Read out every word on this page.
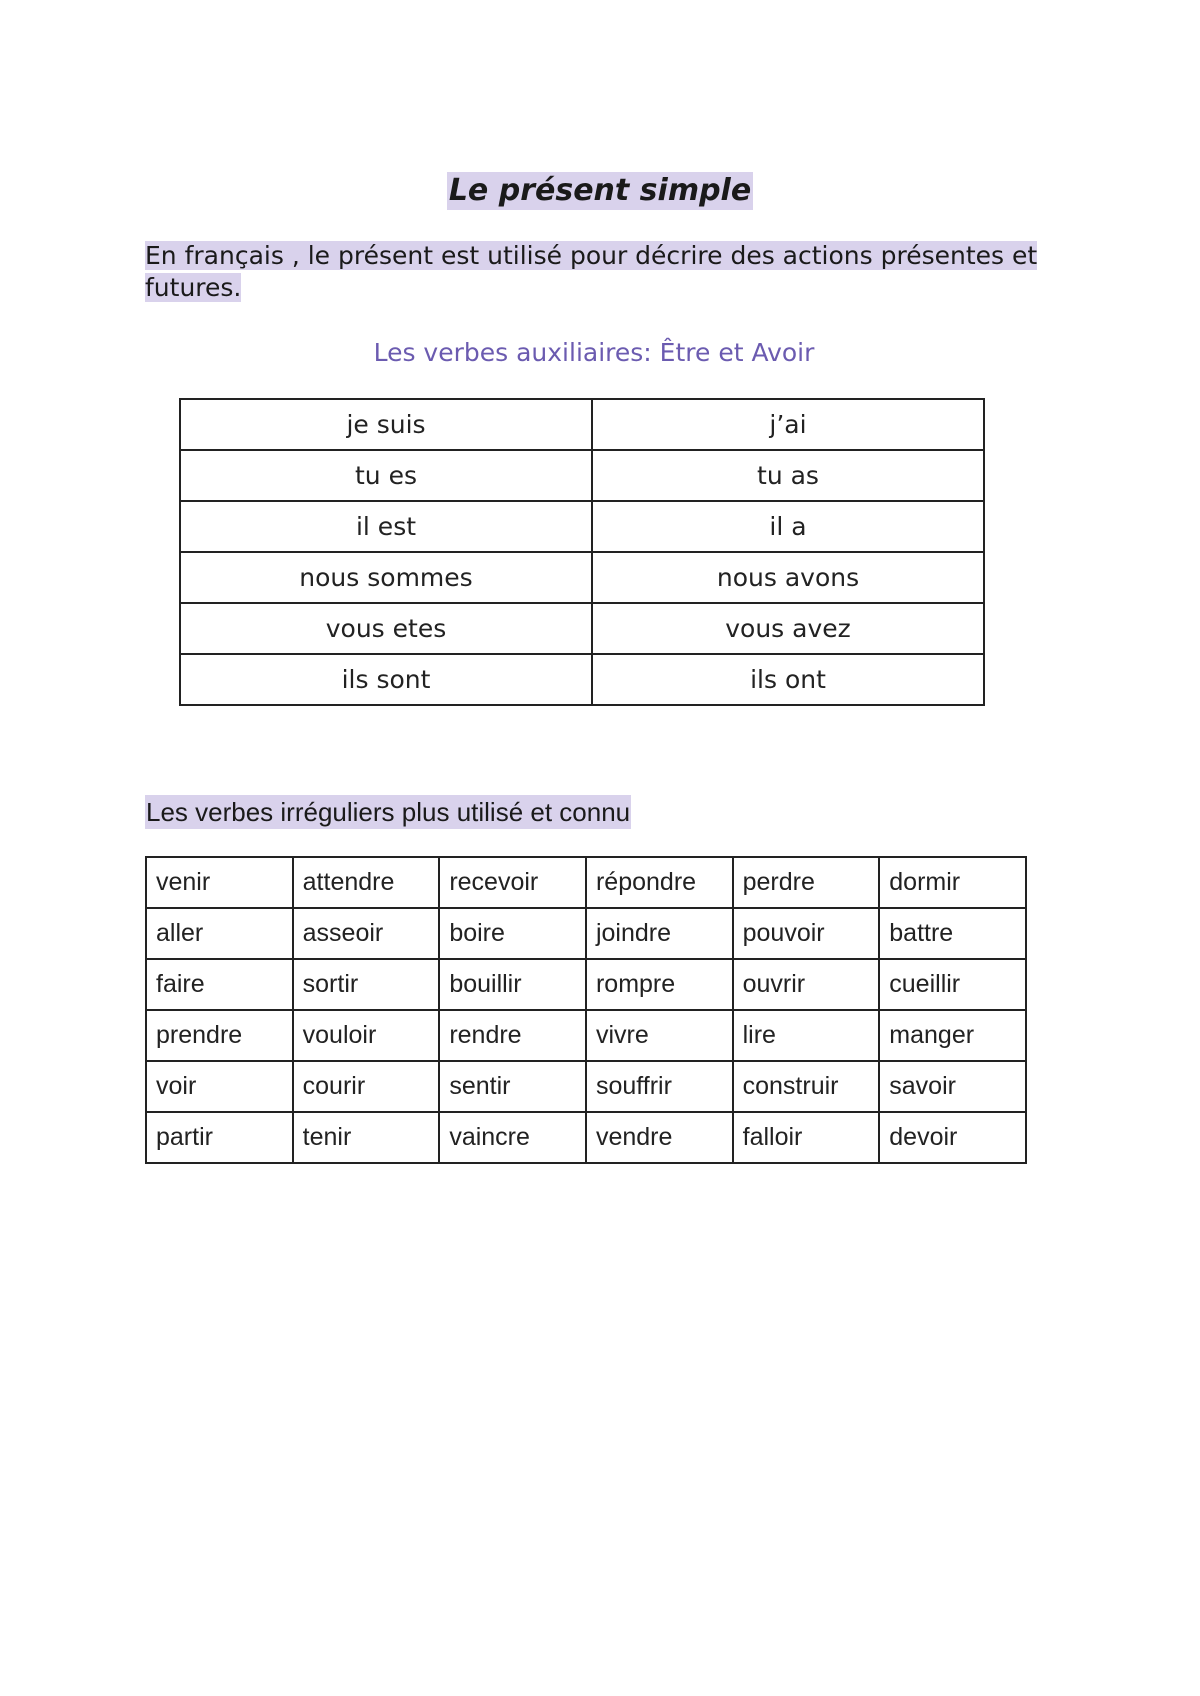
Le présent simple
En français , le présent est utilisé pour décrire des actions présentes et futures.
Les verbes auxiliaires: Être et Avoir
je suis	j’ai
tu es	tu as
il est	il a
nous sommes	nous avons
vous etes	vous avez
ils sont	ils ont
Les verbes irréguliers plus utilisé et connu
venir	attendre	recevoir	répondre	perdre	dormir
aller	asseoir	boire	joindre	pouvoir	battre
faire	sortir	bouillir	rompre	ouvrir	cueillir
prendre	vouloir	rendre	vivre	lire	manger
voir	courir	sentir	souffrir	construir	savoir
partir	tenir	vaincre	vendre	falloir	devoir
